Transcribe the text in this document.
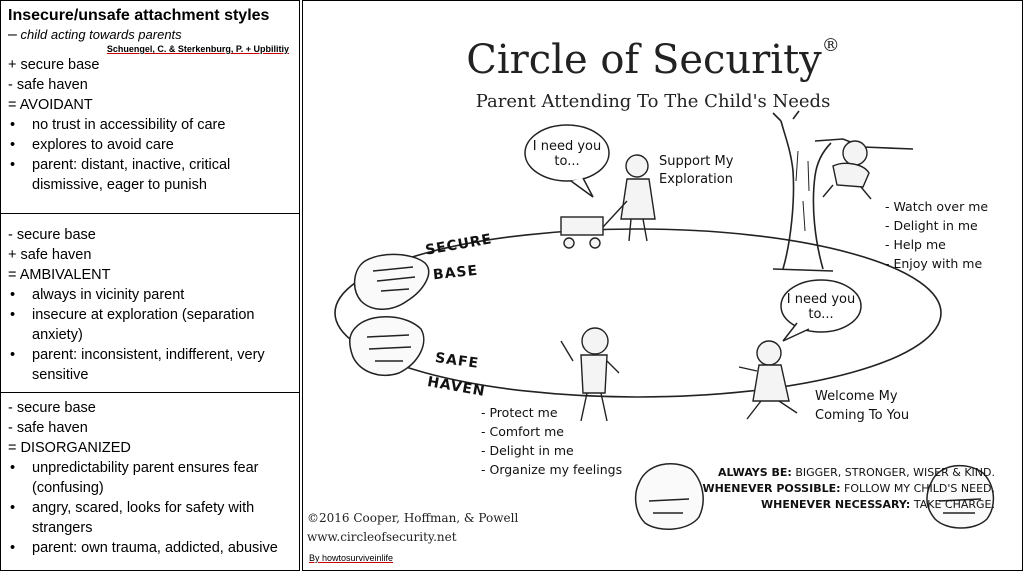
Insecure/unsafe attachment styles
– child acting towards parents
Schuengel, C. & Sterkenburg, P. + Upbilitiy
+ secure base
- safe haven
= AVOIDANT
• no trust in accessibility of care
• explores to avoid care
• parent: distant, inactive, critical dismissive, eager to punish
- secure base
+ safe haven
= AMBIVALENT
• always in vicinity parent
• insecure at exploration (separation anxiety)
• parent: inconsistent, indifferent, very sensitive
- secure base
- safe haven
= DISORGANIZED
• unpredictability parent ensures fear (confusing)
• angry, scared, looks for safety with strangers
• parent: own trauma, addicted, abusive
Circle of Security®
Parent Attending To The Child's Needs
I need you to...
I need you to...
Support My Exploration
- Watch over me
- Delight in me
- Help me
- Enjoy with me
SECURE
BASE
SAFE
HAVEN
- Protect me
- Comfort me
- Delight in me
- Organize my feelings
Welcome My Coming To You
ALWAYS BE: BIGGER, STRONGER, WISER & KIND.
WHENEVER POSSIBLE: FOLLOW MY CHILD'S NEED.
WHENEVER NECESSARY: TAKE CHARGE.
©2016 Cooper, Hoffman, & Powell
www.circleofsecurity.net
By howtosurviveinlife
